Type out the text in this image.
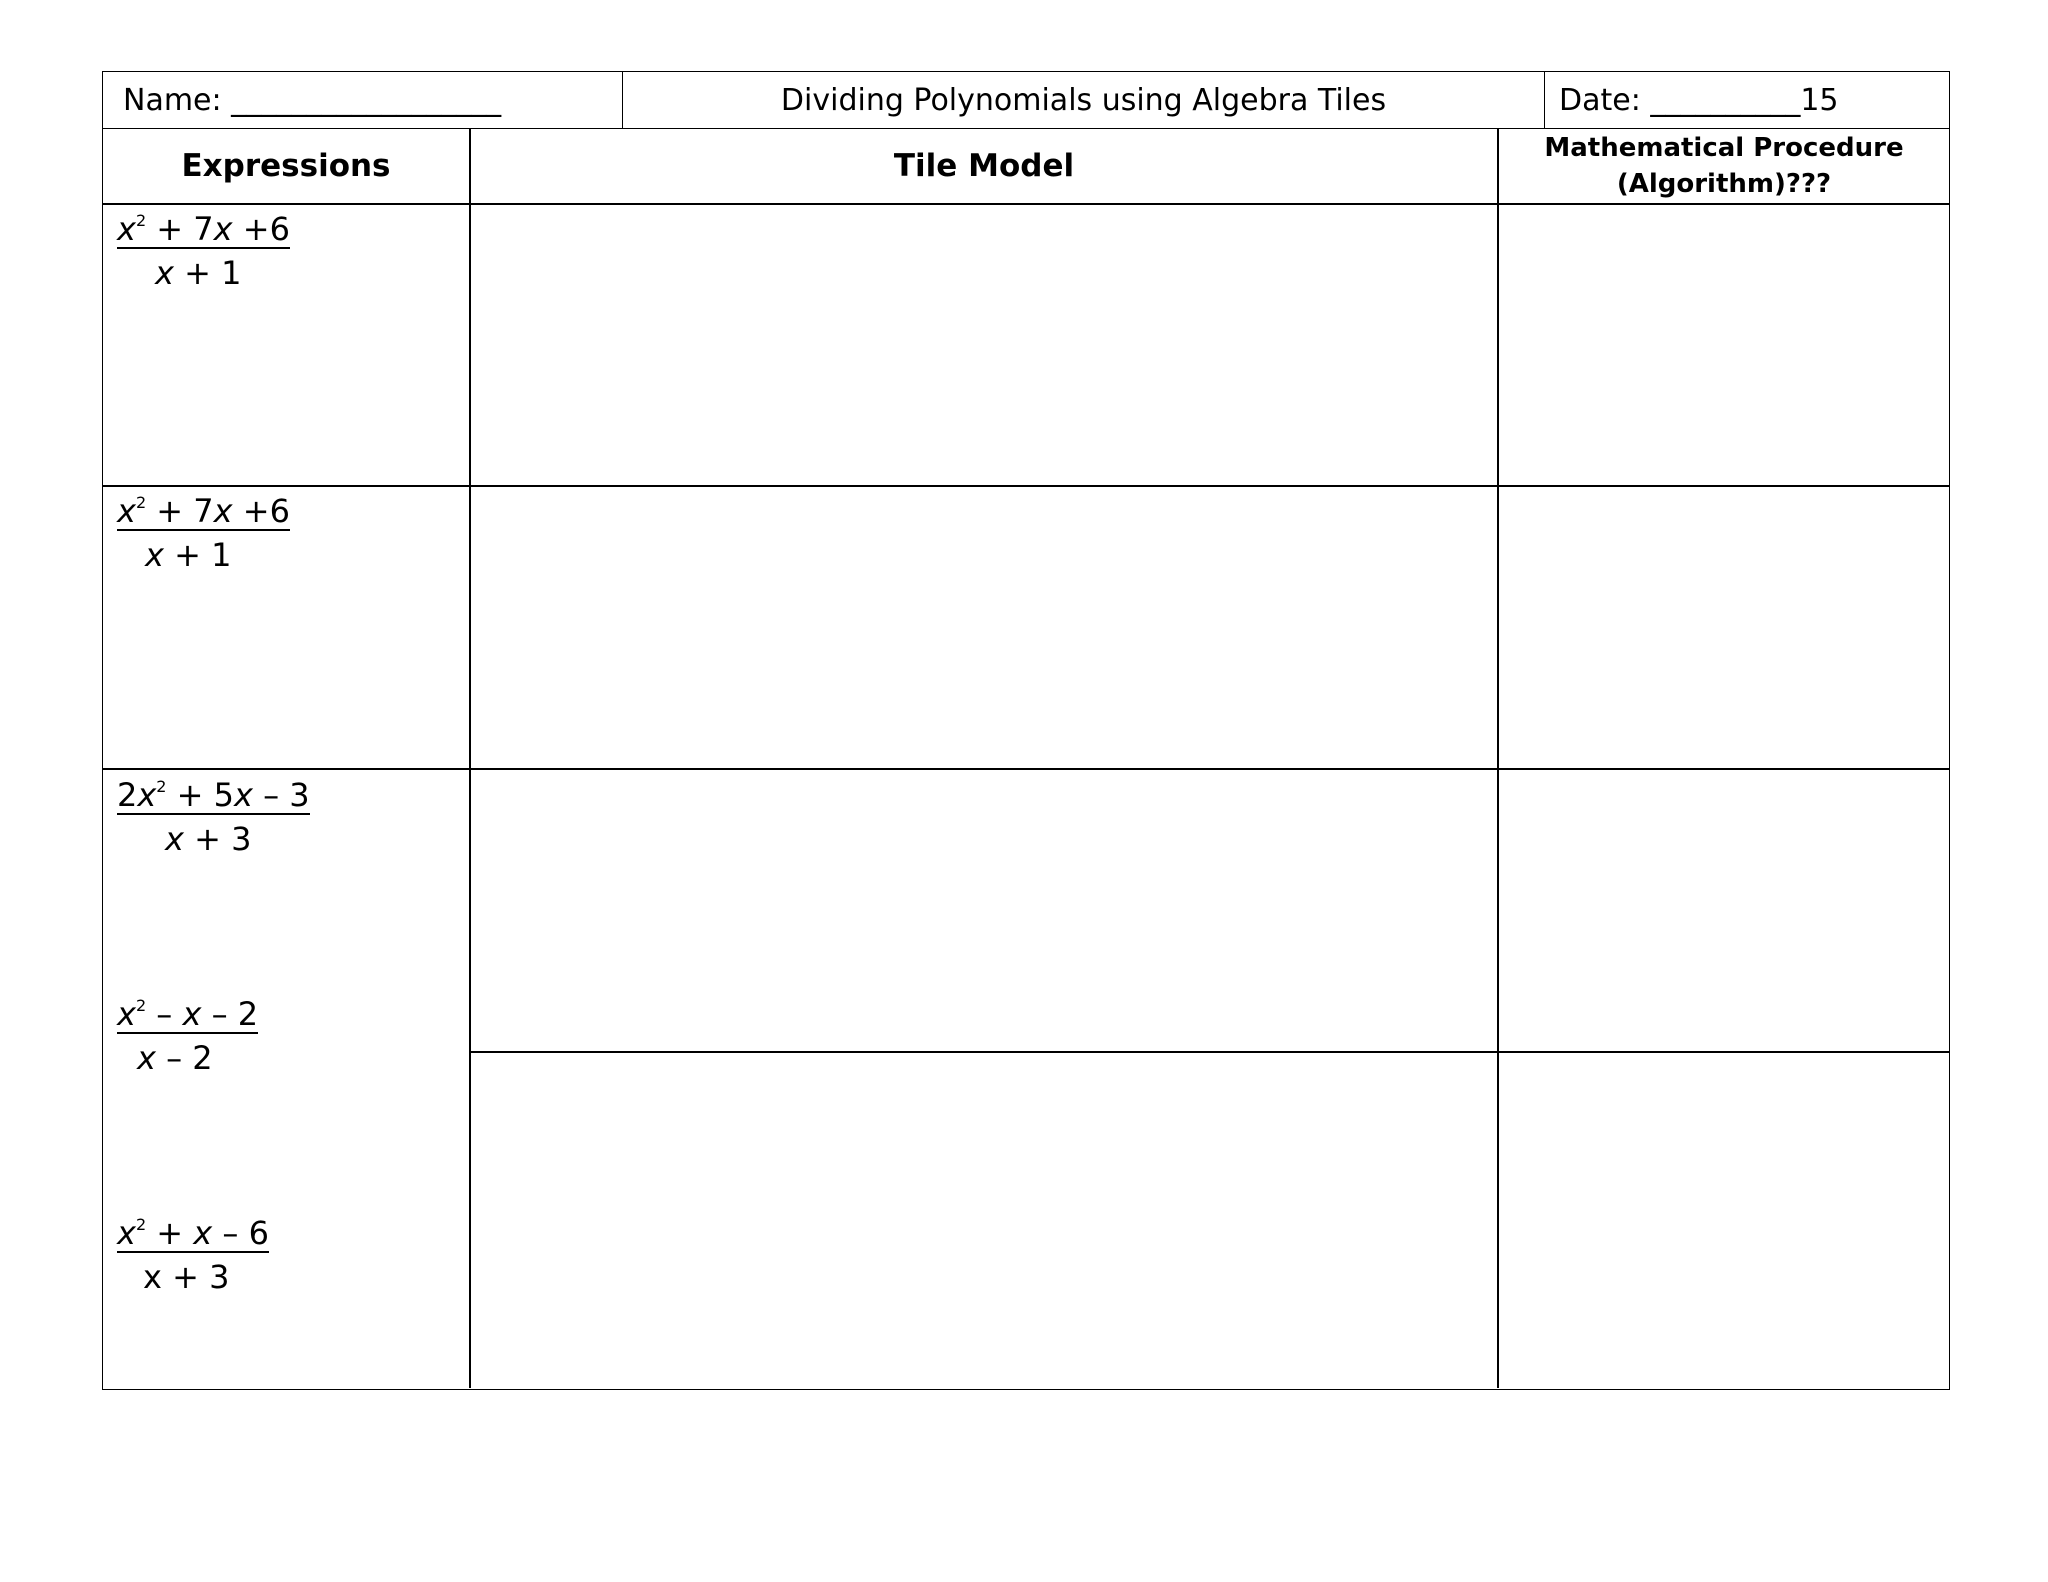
Name: __________________	Dividing Polynomials using Algebra Tiles	Date: __________15
Expressions	Tile Model	Mathematical Procedure
(Algorithm)???
$\frac{x^2 + 7x +6}{x + 1}$
$\frac{x^2 + 7x +6}{x + 1}$
$\frac{2x^2 + 5x - 3}{x + 3}$
$\frac{x^2 - x - 2}{x - 2}$
$\frac{x^2 + x - 6}{x + 3}$
